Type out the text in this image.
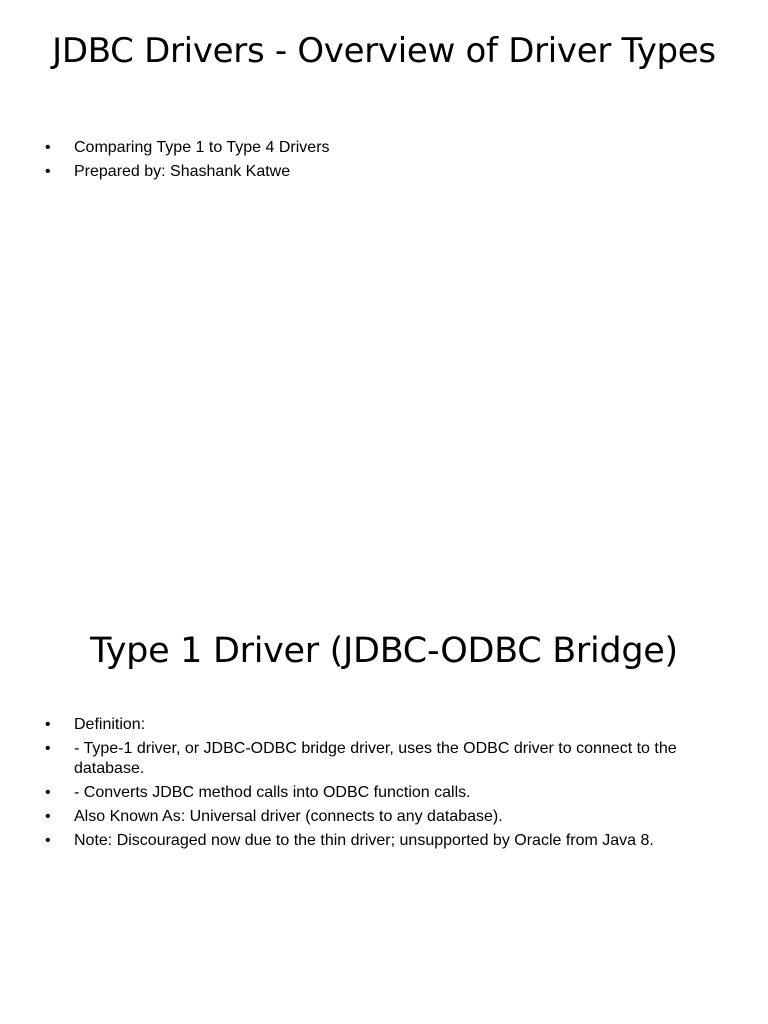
JDBC Drivers - Overview of Driver Types
•	Comparing Type 1 to Type 4 Drivers
•	Prepared by: Shashank Katwe
Type 1 Driver (JDBC-ODBC Bridge)
•	Definition:
•	- Type-1 driver, or JDBC-ODBC bridge driver, uses the ODBC driver to connect to the database.
•	- Converts JDBC method calls into ODBC function calls.
•	Also Known As: Universal driver (connects to any database).
•	Note: Discouraged now due to the thin driver; unsupported by Oracle from Java 8.
